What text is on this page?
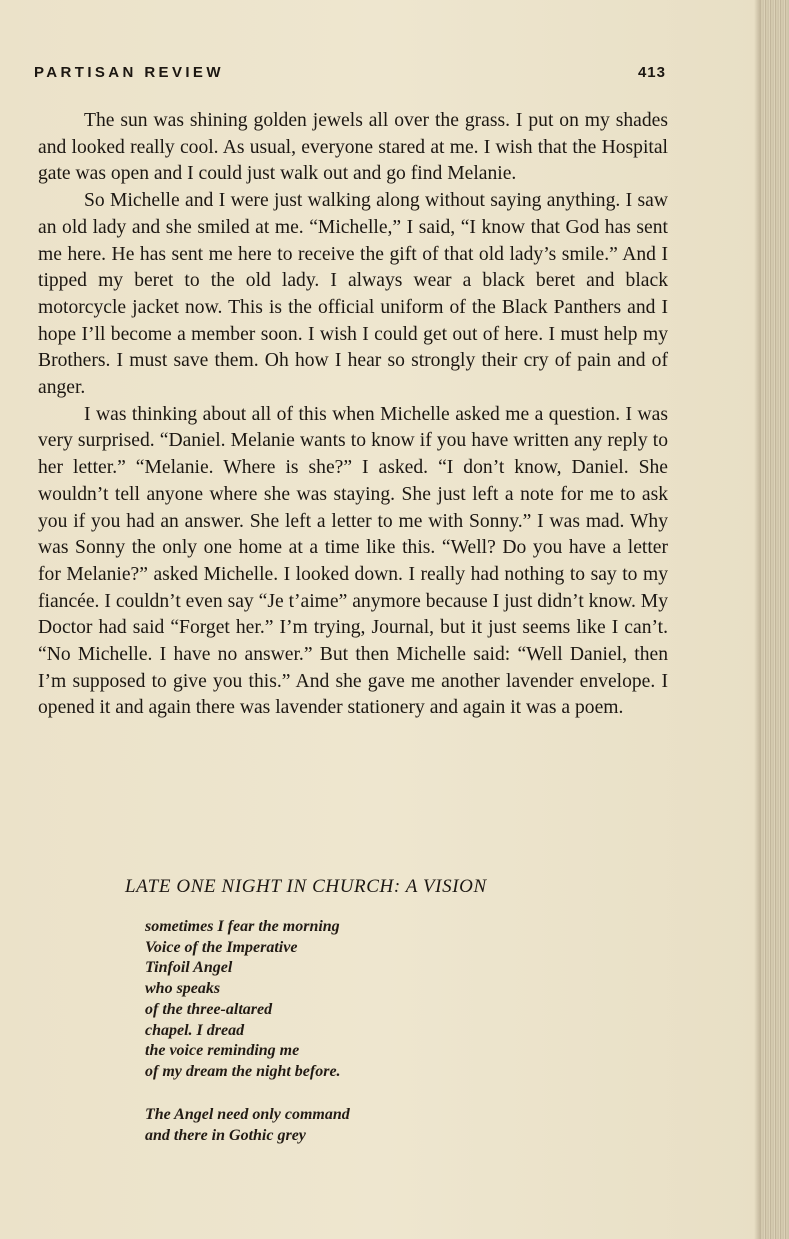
PARTISAN REVIEW	413

The sun was shining golden jewels all over the grass. I put on my shades and looked really cool. As usual, everyone stared at me. I wish that the Hospital gate was open and I could just walk out and go find Melanie.

So Michelle and I were just walking along without saying anything. I saw an old lady and she smiled at me. “Michelle,” I said, “I know that God has sent me here. He has sent me here to receive the gift of that old lady’s smile.” And I tipped my beret to the old lady. I always wear a black beret and black motorcycle jacket now. This is the official uniform of the Black Panthers and I hope I’ll become a member soon. I wish I could get out of here. I must help my Brothers. I must save them. Oh how I hear so strongly their cry of pain and of anger.

I was thinking about all of this when Michelle asked me a question. I was very surprised. “Daniel. Melanie wants to know if you have written any reply to her letter.” “Melanie. Where is she?” I asked. “I don’t know, Daniel. She wouldn’t tell anyone where she was staying. She just left a note for me to ask you if you had an answer. She left a letter to me with Sonny.” I was mad. Why was Sonny the only one home at a time like this. “Well? Do you have a letter for Melanie?” asked Michelle. I looked down. I really had nothing to say to my fiancée. I couldn’t even say “Je t’aime” anymore because I just didn’t know. My Doctor had said “Forget her.” I’m trying, Journal, but it just seems like I can’t. “No Michelle. I have no answer.” But then Michelle said: “Well Daniel, then I’m supposed to give you this.” And she gave me another lavender envelope. I opened it and again there was lavender stationery and again it was a poem.

LATE ONE NIGHT IN CHURCH: A VISION
sometimes I fear the morning
Voice of the Imperative
Tinfoil Angel
who speaks
of the three-altared
chapel. I dread
the voice reminding me
of my dream the night before.
The Angel need only command
and there in Gothic grey
